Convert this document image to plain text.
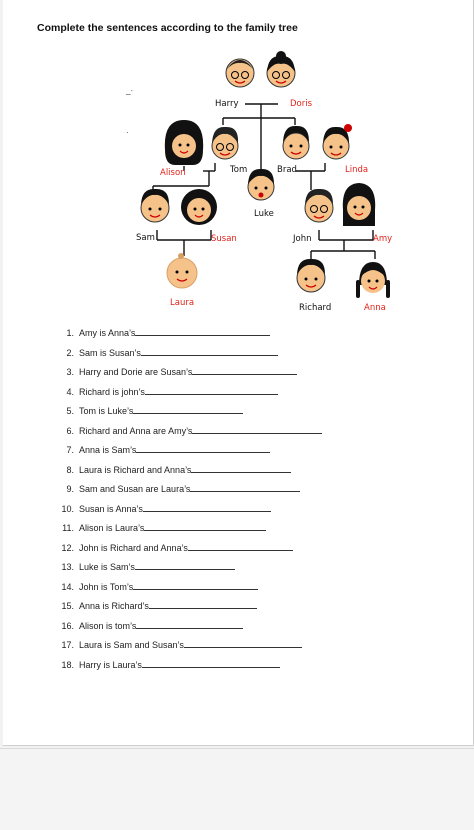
Complete the sentences according to the family tree
_·
·
Harry	Doris
Alison	Tom	Brad	Linda
Luke
Sam	Susan	John	Amy
Laura	Richard	Anna
1. Amy is Anna’s
2. Sam is Susan’s
3. Harry and Dorie are Susan’s
4. Richard is john’s
5. Tom is Luke’s
6. Richard and Anna are Amy’s
7. Anna is Sam’s
8. Laura is Richard and Anna’s
9. Sam and Susan are Laura’s
10. Susan is Anna’s
11. Alison is Laura’s
12. John is Richard and Anna’s
13. Luke is Sam’s
14. John is Tom’s
15. Anna is Richard’s
16. Alison is tom’s
17. Laura is Sam and Susan’s
18. Harry is Laura’s
